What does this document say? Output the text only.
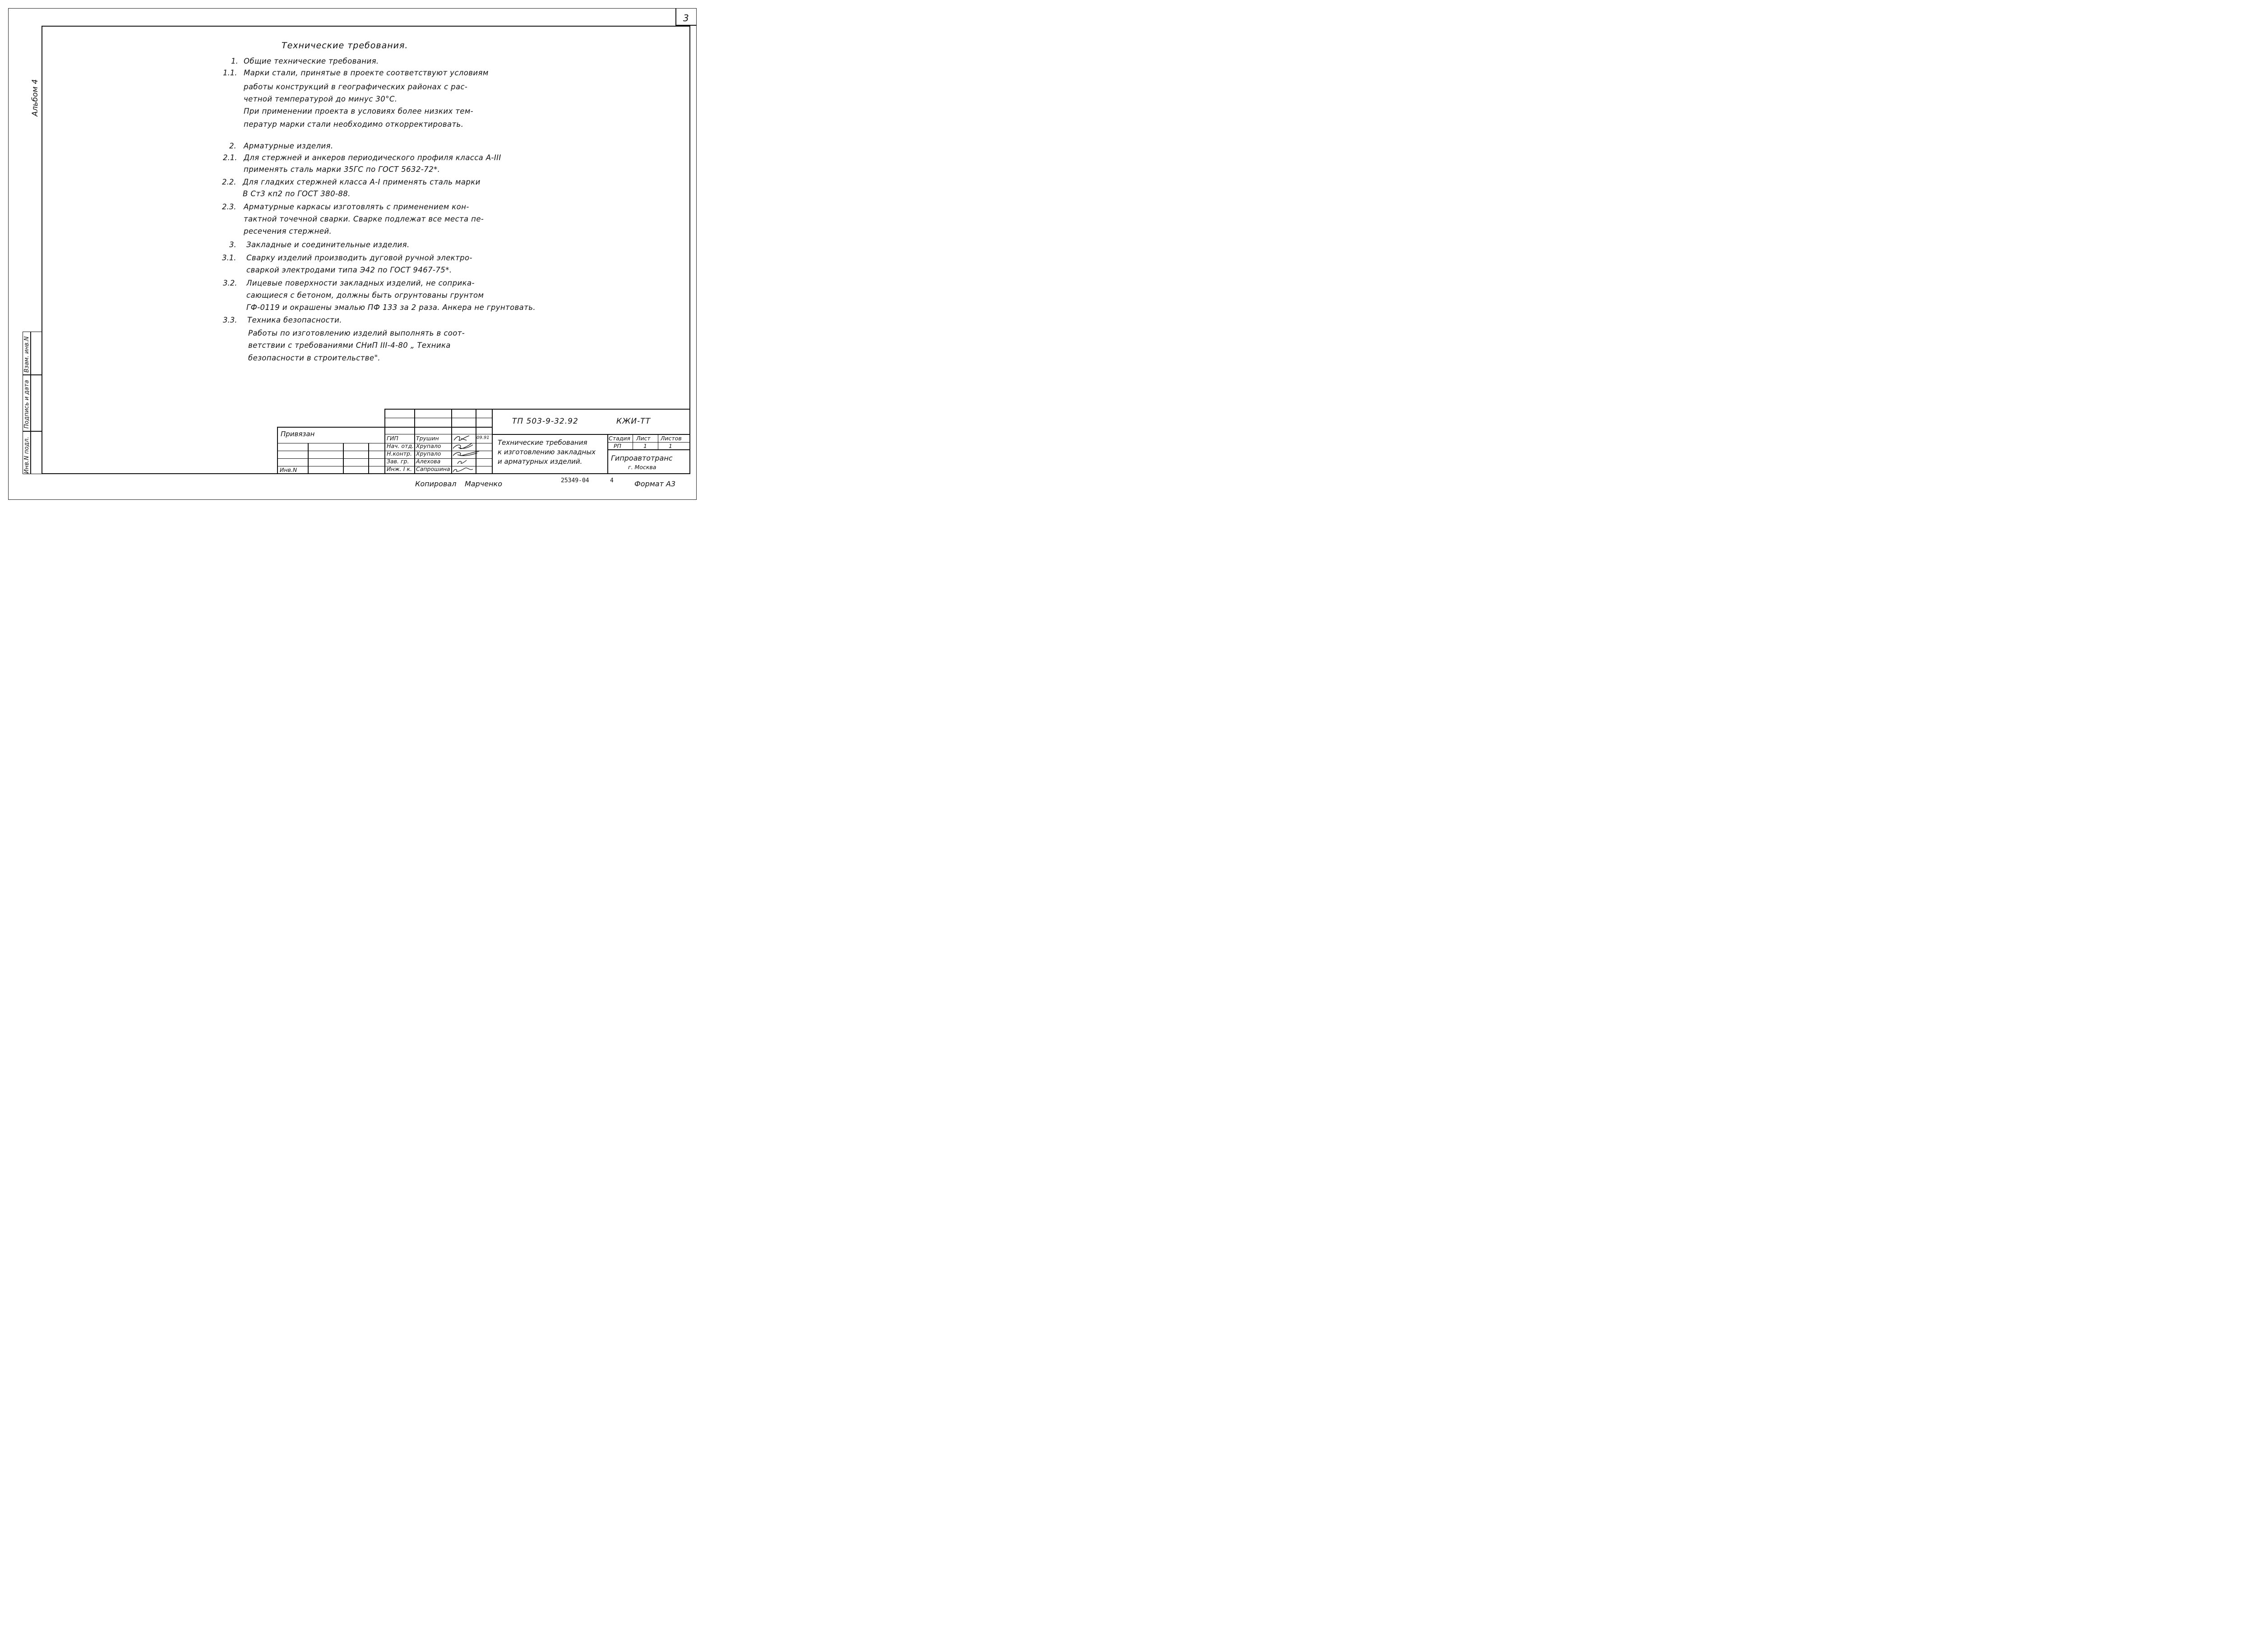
3
Альбом 4
Инв.N подл.
Подпись и дата
Взам. инв.N
Технические требования.
1. Общие технические требования.
1.1. Марки стали, принятые в проекте соответствуют условиям
работы конструкций в географических районах с рас-
четной температурой до минус 30°С.
При применении проекта в условиях более низких тем-
ператур марки стали необходимо откорректировать.
2. Арматурные изделия.
2.1. Для стержней и анкеров периодического профиля класса А-III
применять сталь марки 35ГС по ГОСТ 5632-72*.
2.2. Для гладких стержней класса А-I применять сталь марки
В Ст3 кп2 по ГОСТ 380-88.
2.3. Арматурные каркасы изготовлять с применением кон-
тактной точечной сварки. Сварке подлежат все места пе-
ресечения стержней.
3. Закладные и соединительные изделия.
3.1. Сварку изделий производить дуговой ручной электро-
сваркой электродами типа Э42 по ГОСТ 9467-75*.
3.2. Лицевые поверхности закладных изделий, не соприка-
сающиеся с бетоном, должны быть огрунтованы грунтом
ГФ-0119 и окрашены эмалью ПФ 133 за 2 раза. Анкера не грунтовать.
3.3. Техника безопасности.
Работы по изготовлению изделий выполнять в соот-
ветствии с требованиями СНиП III-4-80 „ Техника
безопасности в строительстве".
Привязан
Инв.N
ТП 503-9-32.92	КЖИ-ТТ
Технические требования
к изготовлению закладных
и арматурных изделий.
Стадия Лист Листов
РП	1	1
Гипроавтотранс
г. Москва
ГИП	Трушин	09.91
Нач. отд. Хрупало
Н.контр. Хрупало
Зав. гр. Алехова
Инж. I к. Сапрошина
Копировал Марченко	25349-04	4	Формат А3
